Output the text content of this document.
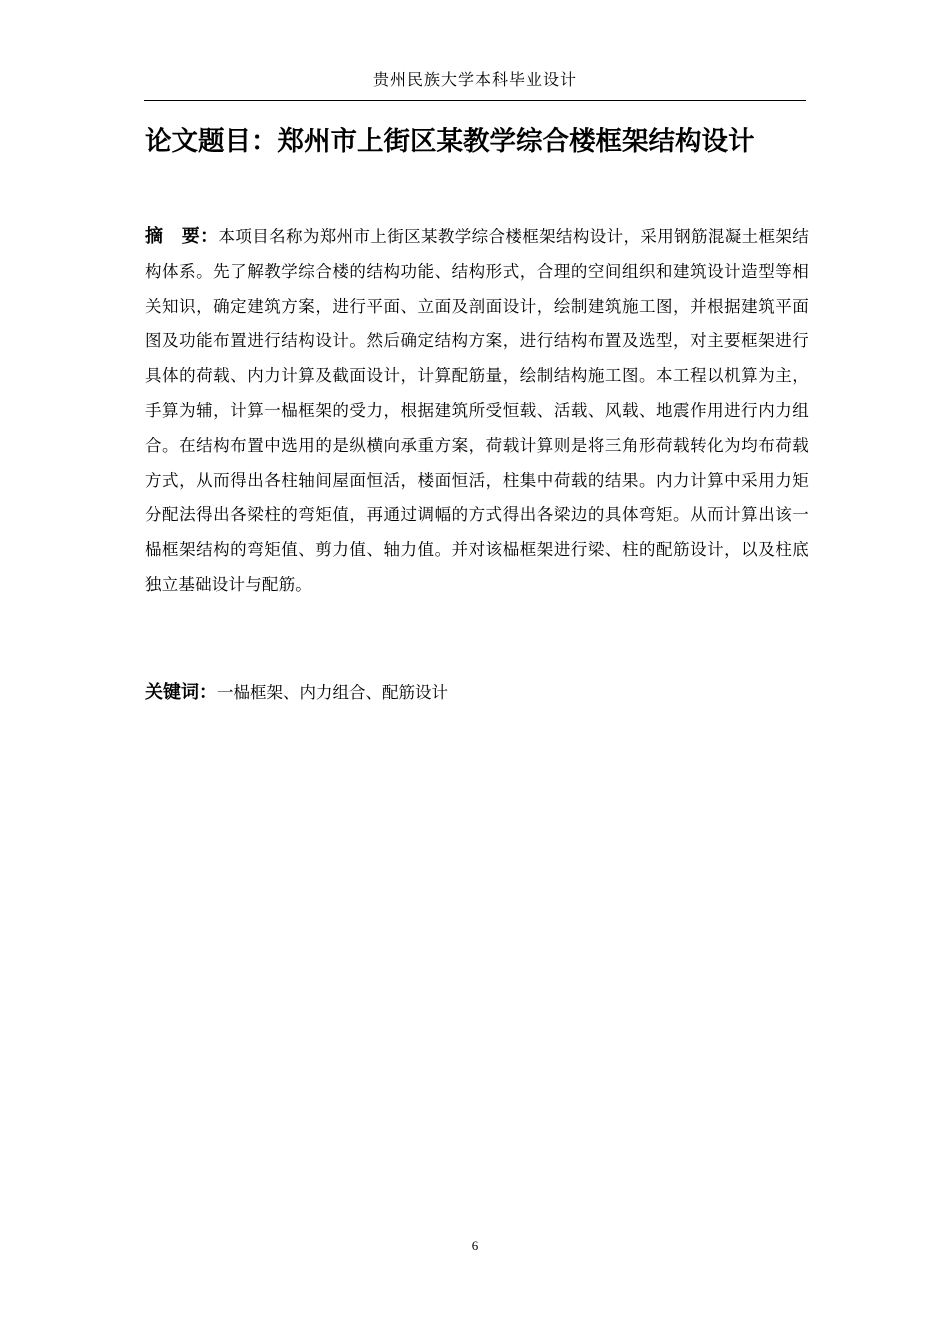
贵州民族大学本科毕业设计
论文题目：郑州市上街区某教学综合楼框架结构设计
摘　要：本项目名称为郑州市上街区某教学综合楼框架结构设计，采用钢筋混凝土框架结构体系。先了解教学综合楼的结构功能、结构形式，合理的空间组织和建筑设计造型等相关知识，确定建筑方案，进行平面、立面及剖面设计，绘制建筑施工图，并根据建筑平面图及功能布置进行结构设计。然后确定结构方案，进行结构布置及选型，对主要框架进行具体的荷载、内力计算及截面设计，计算配筋量，绘制结构施工图。本工程以机算为主，手算为辅，计算一榀框架的受力，根据建筑所受恒载、活载、风载、地震作用进行内力组合。在结构布置中选用的是纵横向承重方案，荷载计算则是将三角形荷载转化为均布荷载方式，从而得出各柱轴间屋面恒活，楼面恒活，柱集中荷载的结果。内力计算中采用力矩分配法得出各梁柱的弯矩值，再通过调幅的方式得出各梁边的具体弯矩。从而计算出该一榀框架结构的弯矩值、剪力值、轴力值。并对该榀框架进行梁、柱的配筋设计，以及柱底独立基础设计与配筋。
关键词：一榀框架、内力组合、配筋设计
6
